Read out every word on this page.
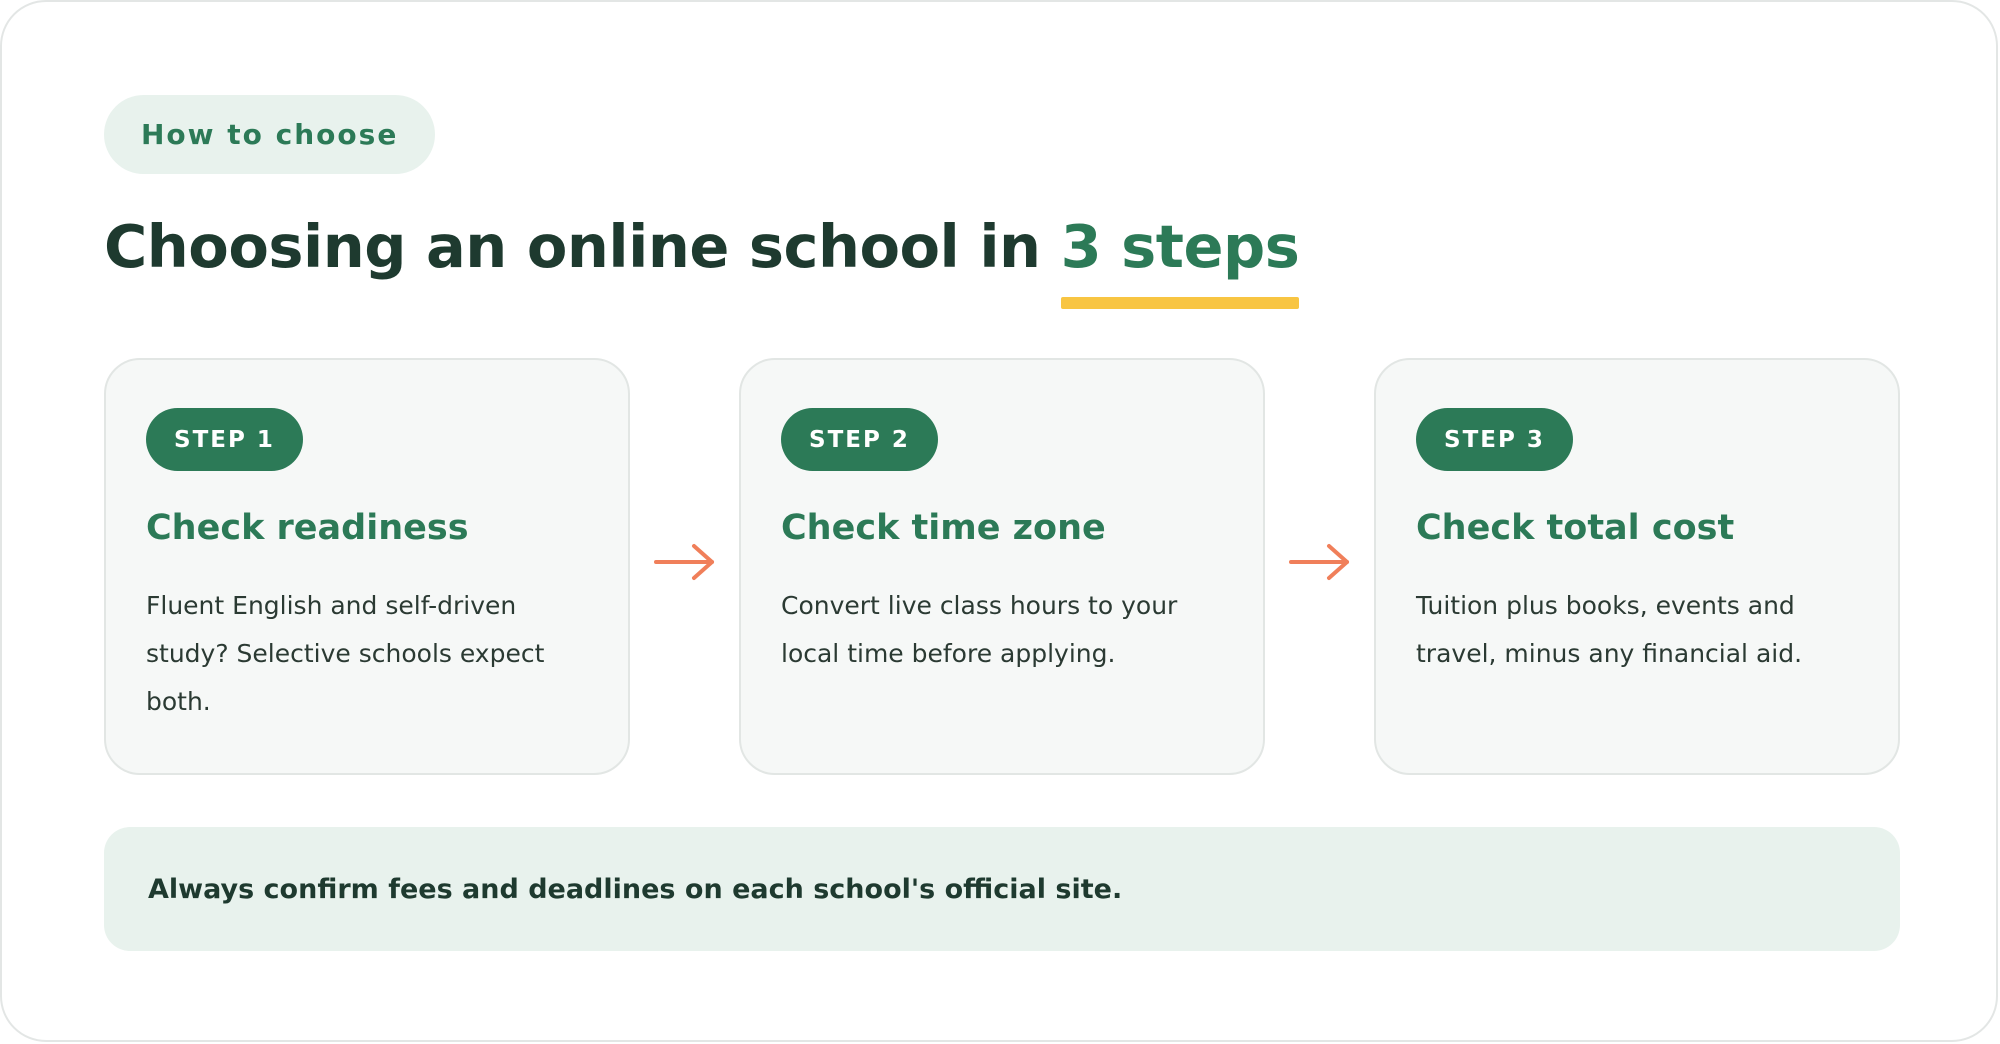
How to choose
Choosing an online school in 3 steps
STEP 1
Check readiness
Fluent English and self-driven study? Selective schools expect both.
STEP 2
Check time zone
Convert live class hours to your local time before applying.
STEP 3
Check total cost
Tuition plus books, events and travel, minus any financial aid.
Always confirm fees and deadlines on each school's official site.
